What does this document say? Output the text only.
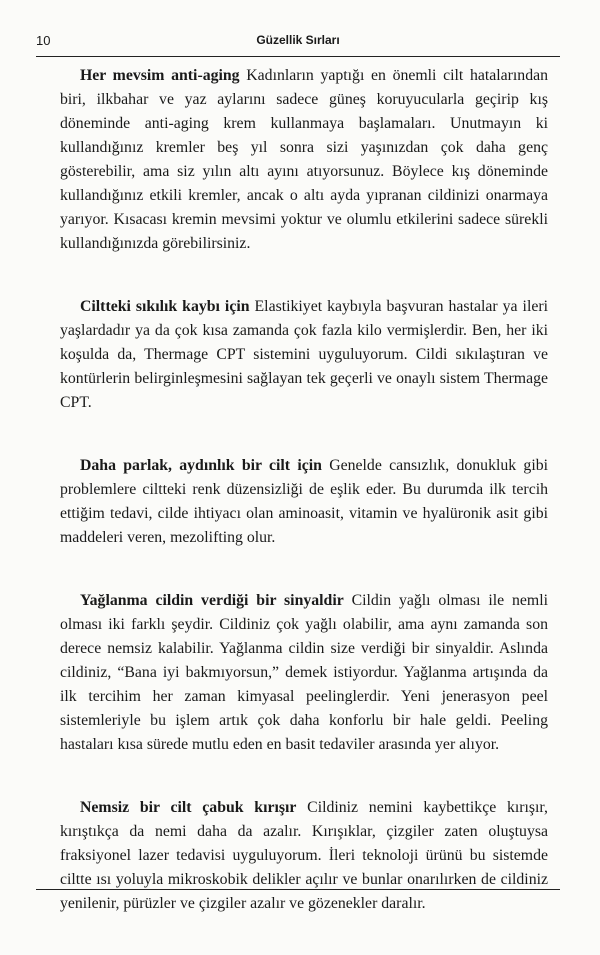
10	Güzellik Sırları

Her mevsim anti-aging Kadınların yaptığı en önemli cilt hatalarından biri, ilkbahar ve yaz aylarını sadece güneş koruyucularla geçirip kış döneminde anti-aging krem kullanmaya başlamaları. Unutmayın ki kullandığınız kremler beş yıl sonra sizi yaşınızdan çok daha genç gösterebilir, ama siz yılın altı ayını atıyorsunuz. Böylece kış döneminde kullandığınız etkili kremler, ancak o altı ayda yıpranan cildinizi onarmaya yarıyor. Kısacası kremin mevsimi yoktur ve olumlu etkilerini sadece sürekli kullandığınızda görebilirsiniz.

Ciltteki sıkılık kaybı için Elastikiyet kaybıyla başvuran hastalar ya ileri yaşlardadır ya da çok kısa zamanda çok fazla kilo vermişlerdir. Ben, her iki koşulda da, Thermage CPT sistemini uyguluyorum. Cildi sıkılaştıran ve kontürlerin belirginleşmesini sağlayan tek geçerli ve onaylı sistem Thermage CPT.

Daha parlak, aydınlık bir cilt için Genelde cansızlık, donukluk gibi problemlere ciltteki renk düzensizliği de eşlik eder. Bu durumda ilk tercih ettiğim tedavi, cilde ihtiyacı olan aminoasit, vitamin ve hyalüronik asit gibi maddeleri veren, mezolifting olur.

Yağlanma cildin verdiği bir sinyaldir Cildin yağlı olması ile nemli olması iki farklı şeydir. Cildiniz çok yağlı olabilir, ama aynı zamanda son derece nemsiz kalabilir. Yağlanma cildin size verdiği bir sinyaldir. Aslında cildiniz, “Bana iyi bakmıyorsun,” demek istiyordur. Yağlanma artışında da ilk tercihim her zaman kimyasal peelinglerdir. Yeni jenerasyon peel sistemleriyle bu işlem artık çok daha konforlu bir hale geldi. Peeling hastaları kısa sürede mutlu eden en basit tedaviler arasında yer alıyor.

Nemsiz bir cilt çabuk kırışır Cildiniz nemini kaybettikçe kırışır, kırıştıkça da nemi daha da azalır. Kırışıklar, çizgiler zaten oluştuysa fraksiyonel lazer tedavisi uyguluyorum. İleri teknoloji ürünü bu sistemde ciltte ısı yoluyla mikroskobik delikler açılır ve bunlar onarılırken de cildiniz yenilenir, pürüzler ve çizgiler azalır ve gözenekler daralır.
